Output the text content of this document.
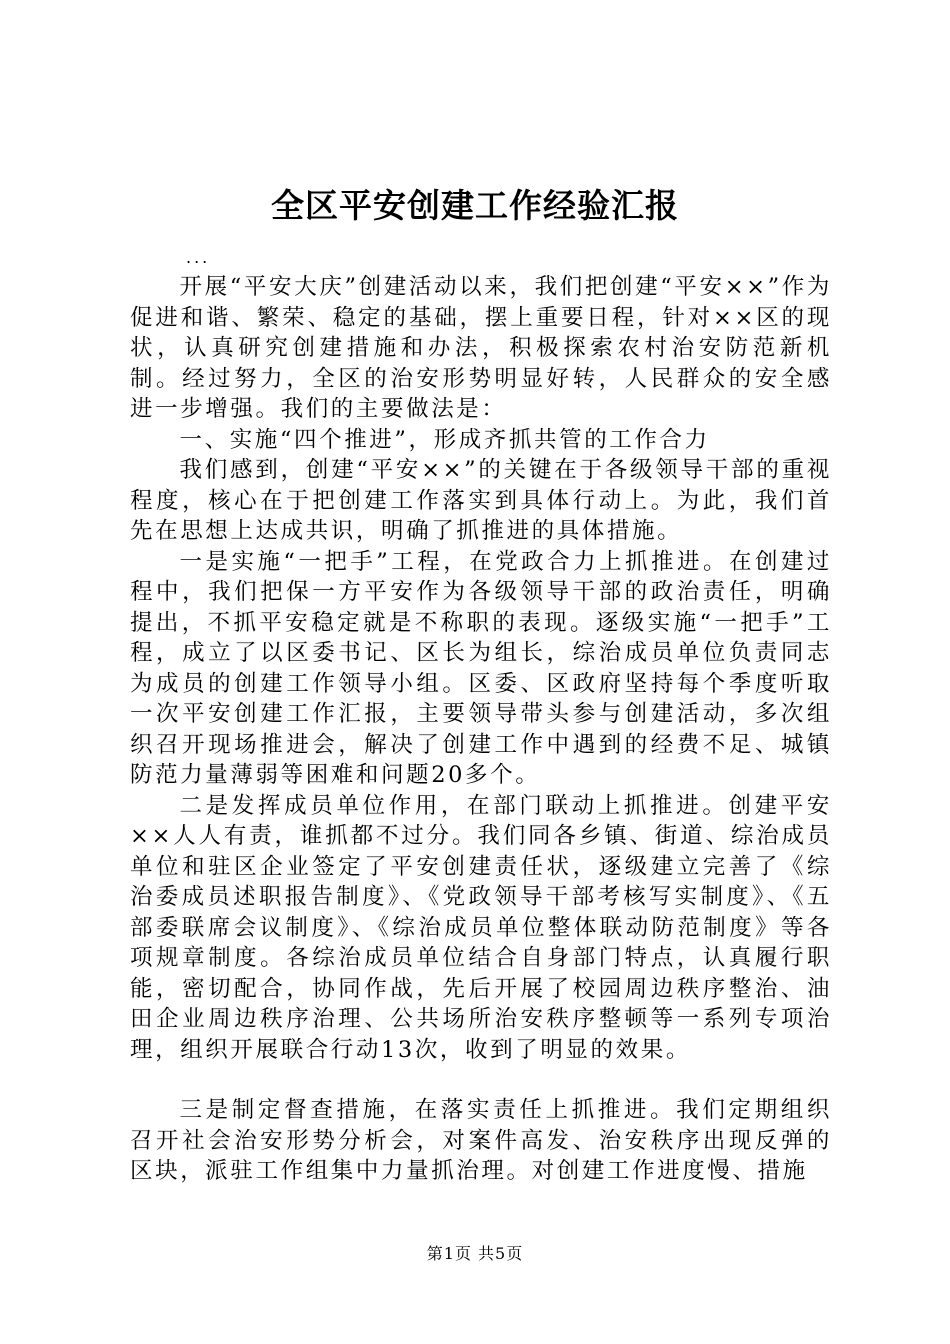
全区平安创建工作经验汇报
...

开展“平安大庆”创建活动以来，我们把创建“平安××”作为促进和谐、繁荣、稳定的基础，摆上重要日程，针对××区的现状，认真研究创建措施和办法，积极探索农村治安防范新机制。经过努力，全区的治安形势明显好转，人民群众的安全感进一步增强。我们的主要做法是：

一、实施“四个推进”，形成齐抓共管的工作合力

我们感到，创建“平安××”的关键在于各级领导干部的重视程度，核心在于把创建工作落实到具体行动上。为此，我们首先在思想上达成共识，明确了抓推进的具体措施。

一是实施“一把手”工程，在党政合力上抓推进。在创建过程中，我们把保一方平安作为各级领导干部的政治责任，明确提出，不抓平安稳定就是不称职的表现。逐级实施“一把手”工程，成立了以区委书记、区长为组长，综治成员单位负责同志为成员的创建工作领导小组。区委、区政府坚持每个季度听取一次平安创建工作汇报，主要领导带头参与创建活动，多次组织召开现场推进会，解决了创建工作中遇到的经费不足、城镇防范力量薄弱等困难和问题20多个。

二是发挥成员单位作用，在部门联动上抓推进。创建平安××人人有责，谁抓都不过分。我们同各乡镇、街道、综治成员单位和驻区企业签定了平安创建责任状，逐级建立完善了《综治委成员述职报告制度》、《党政领导干部考核写实制度》、《五部委联席会议制度》、《综治成员单位整体联动防范制度》等各项规章制度。各综治成员单位结合自身部门特点，认真履行职能，密切配合，协同作战，先后开展了校园周边秩序整治、油田企业周边秩序治理、公共场所治安秩序整顿等一系列专项治理，组织开展联合行动13次，收到了明显的效果。

三是制定督查措施，在落实责任上抓推进。我们定期组织召开社会治安形势分析会，对案件高发、治安秩序出现反弹的区块，派驻工作组集中力量抓治理。对创建工作进度慢、措施

第1页 共5页
